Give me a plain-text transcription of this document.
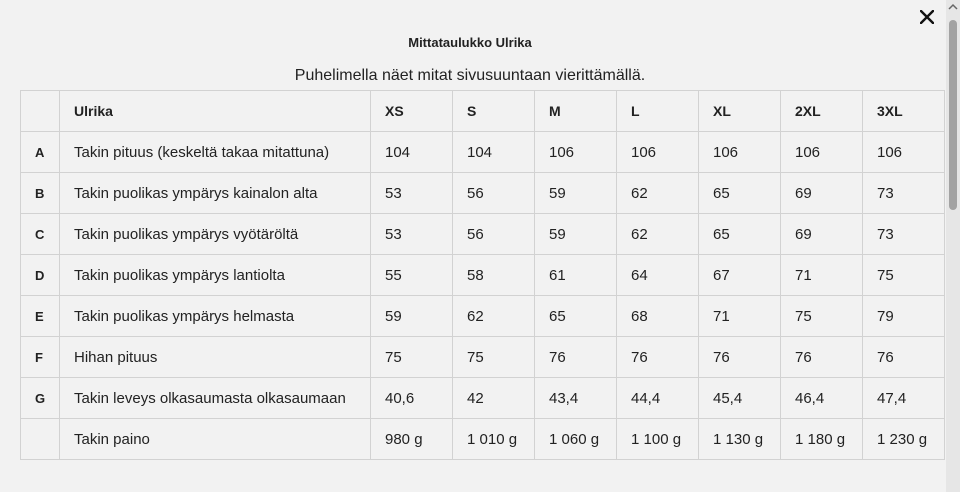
Mittataulukko Ulrika
Puhelimella näet mitat sivusuuntaan vierittämällä.
	Ulrika	XS	S	M	L	XL	2XL	3XL
A	Takin pituus (keskeltä takaa mitattuna)	104	104	106	106	106	106	106
B	Takin puolikas ympärys kainalon alta	53	56	59	62	65	69	73
C	Takin puolikas ympärys vyötäröltä	53	56	59	62	65	69	73
D	Takin puolikas ympärys lantiolta	55	58	61	64	67	71	75
E	Takin puolikas ympärys helmasta	59	62	65	68	71	75	79
F	Hihan pituus	75	75	76	76	76	76	76
G	Takin leveys olkasaumasta olkasaumaan	40,6	42	43,4	44,4	45,4	46,4	47,4
	Takin paino	980 g	1 010 g	1 060 g	1 100 g	1 130 g	1 180 g	1 230 g
